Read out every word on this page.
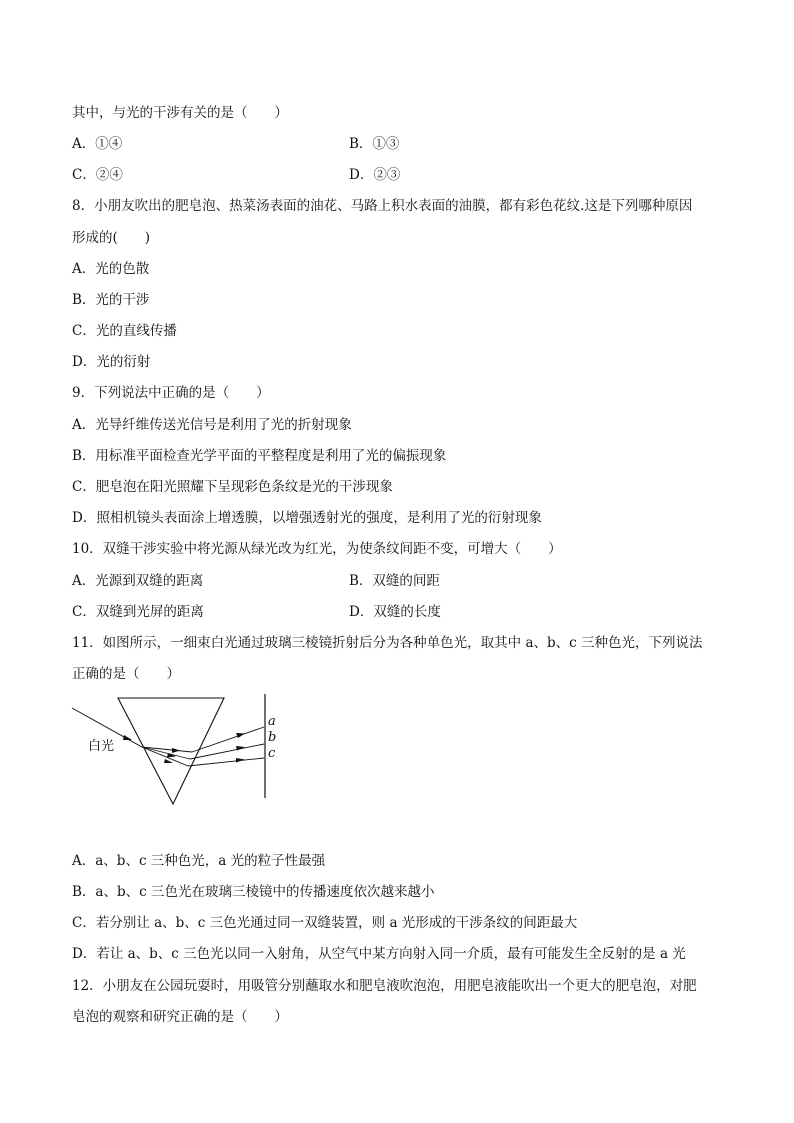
其中，与光的干涉有关的是（　　）
A．①④	B．①③
C．②④	D．②③
8．小朋友吹出的肥皂泡、热菜汤表面的油花、马路上积水表面的油膜，都有彩色花纹.这是下列哪种原因
形成的(　　)
A．光的色散
B．光的干涉
C．光的直线传播
D．光的衍射
9．下列说法中正确的是（　　）
A．光导纤维传送光信号是利用了光的折射现象
B．用标准平面检查光学平面的平整程度是利用了光的偏振现象
C．肥皂泡在阳光照耀下呈现彩色条纹是光的干涉现象
D．照相机镜头表面涂上增透膜，以增强透射光的强度，是利用了光的衍射现象
10．双缝干涉实验中将光源从绿光改为红光，为使条纹间距不变，可增大（　　）
A．光源到双缝的距离	B．双缝的间距
C．双缝到光屏的距离	D．双缝的长度
11．如图所示，一细束白光通过玻璃三棱镜折射后分为各种单色光，取其中 a、b、c 三种色光，下列说法
正确的是（　　）
白光
a
b
c
A．a、b、c 三种色光，a 光的粒子性最强
B．a、b、c 三色光在玻璃三棱镜中的传播速度依次越来越小
C．若分别让 a、b、c 三色光通过同一双缝装置，则 a 光形成的干涉条纹的间距最大
D．若让 a、b、c 三色光以同一入射角，从空气中某方向射入同一介质，最有可能发生全反射的是 a 光
12．小朋友在公园玩耍时，用吸管分别蘸取水和肥皂液吹泡泡，用肥皂液能吹出一个更大的肥皂泡，对肥
皂泡的观察和研究正确的是（　　）
